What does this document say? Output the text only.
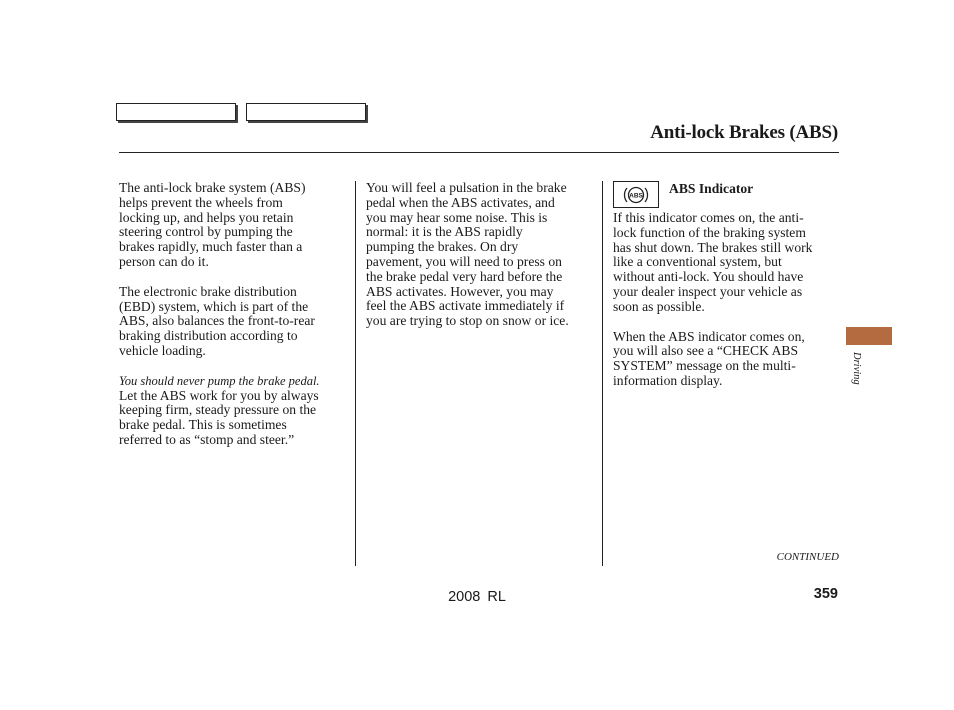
Anti-lock Brakes (ABS)

The anti-lock brake system (ABS)
helps prevent the wheels from
locking up, and helps you retain
steering control by pumping the
brakes rapidly, much faster than a
person can do it.

The electronic brake distribution
(EBD) system, which is part of the
ABS, also balances the front-to-rear
braking distribution according to
vehicle loading.

You should never pump the brake pedal.

Let the ABS work for you by always
keeping firm, steady pressure on the
brake pedal. This is sometimes
referred to as “stomp and steer.”

You will feel a pulsation in the brake
pedal when the ABS activates, and
you may hear some noise. This is
normal: it is the ABS rapidly
pumping the brakes. On dry
pavement, you will need to press on
the brake pedal very hard before the
ABS activates. However, you may
feel the ABS activate immediately if
you are trying to stop on snow or ice.

ABS ABS Indicator

If this indicator comes on, the anti-
lock function of the braking system
has shut down. The brakes still work
like a conventional system, but
without anti-lock. You should have
your dealer inspect your vehicle as
soon as possible.

When the ABS indicator comes on,
you will also see a “CHECK ABS
SYSTEM” message on the multi-
information display.	Driving
CONTINUED
2008 RL	359
